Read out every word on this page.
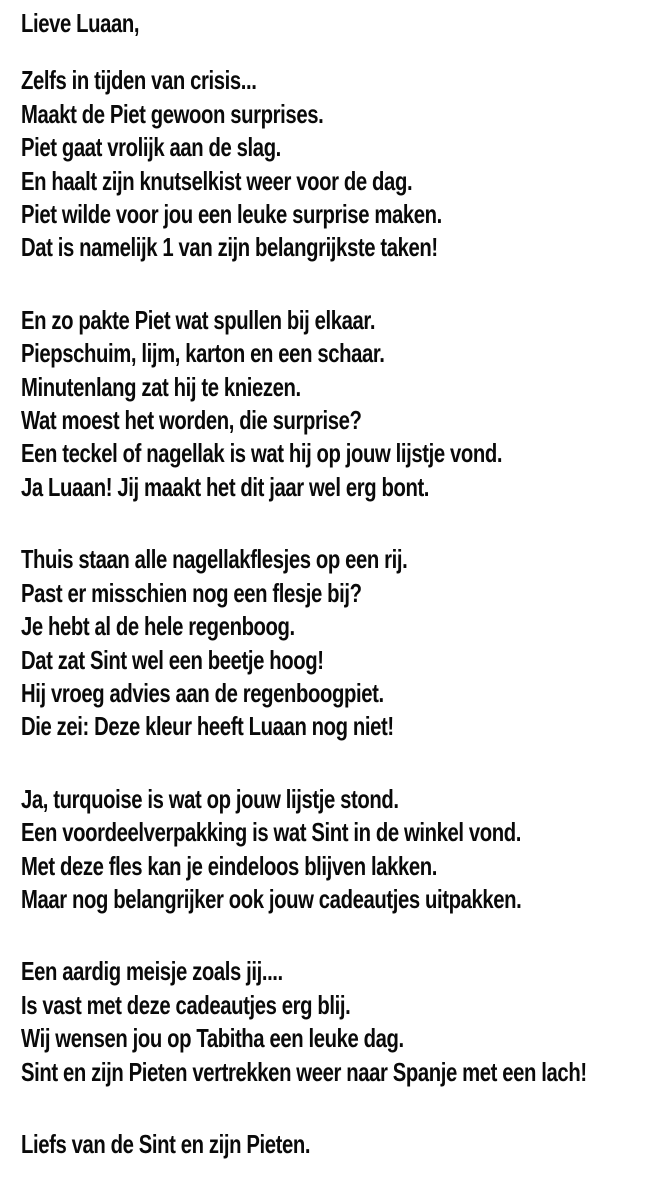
Lieve Luaan,

Zelfs in tijden van crisis...

Maakt de Piet gewoon surprises.

Piet gaat vrolijk aan de slag.

En haalt zijn knutselkist weer voor de dag.

Piet wilde voor jou een leuke surprise maken.

Dat is namelijk 1 van zijn belangrijkste taken!

En zo pakte Piet wat spullen bij elkaar.

Piepschuim, lijm, karton en een schaar.

Minutenlang zat hij te kniezen.

Wat moest het worden, die surprise?

Een teckel of nagellak is wat hij op jouw lijstje vond.

Ja Luaan! Jij maakt het dit jaar wel erg bont.

Thuis staan alle nagellakflesjes op een rij.

Past er misschien nog een flesje bij?

Je hebt al de hele regenboog.

Dat zat Sint wel een beetje hoog!

Hij vroeg advies aan de regenboogpiet.

Die zei: Deze kleur heeft Luaan nog niet!

Ja, turquoise is wat op jouw lijstje stond.

Een voordeelverpakking is wat Sint in de winkel vond.

Met deze fles kan je eindeloos blijven lakken.

Maar nog belangrijker ook jouw cadeautjes uitpakken.

Een aardig meisje zoals jij....

Is vast met deze cadeautjes erg blij.

Wij wensen jou op Tabitha een leuke dag.

Sint en zijn Pieten vertrekken weer naar Spanje met een lach!

Liefs van de Sint en zijn Pieten.
